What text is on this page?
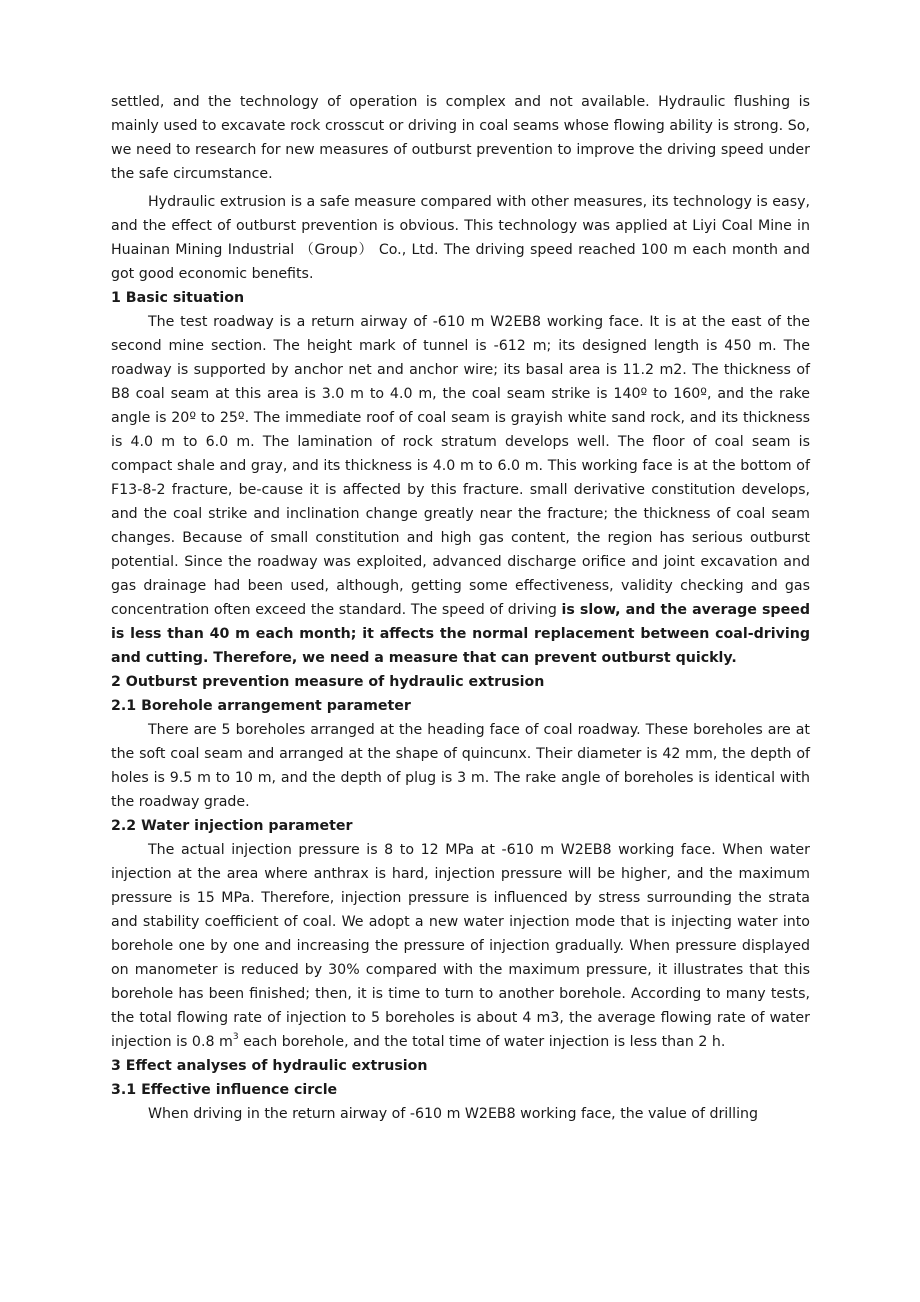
settled, and the technology of operation is complex and not available. Hydraulic flushing is mainly used to excavate rock crosscut or driving in coal seams whose flowing ability is strong. So, we need to research for new measures of outburst prevention to improve the driving speed under the safe circumstance.

Hydraulic extrusion is a safe measure compared with other measures, its technology is easy, and the effect of outburst prevention is obvious. This technology was applied at Liyi Coal Mine in Huainan Mining Industrial （Group） Co., Ltd. The driving speed reached 100 m each month and got good economic benefits.

1 Basic situation

The test roadway is a return airway of -610 m W2EB8 working face. It is at the east of the second mine section. The height mark of tunnel is -612 m; its designed length is 450 m. The roadway is supported by anchor net and anchor wire; its basal area is 11.2 m2. The thickness of B8 coal seam at this area is 3.0 m to 4.0 m, the coal seam strike is 140º to 160º, and the rake angle is 20º to 25º. The immediate roof of coal seam is grayish white sand rock, and its thickness is 4.0 m to 6.0 m. The lamination of rock stratum develops well. The floor of coal seam is compact shale and gray, and its thickness is 4.0 m to 6.0 m. This working face is at the bottom of F13-8-2 fracture, be-cause it is affected by this fracture. small derivative constitution develops, and the coal strike and inclination change greatly near the fracture; the thickness of coal seam changes. Because of small constitution and high gas content, the region has serious outburst potential. Since the roadway was exploited, advanced discharge orifice and joint excavation and gas drainage had been used, although, getting some effectiveness, validity checking and gas concentration often exceed the standard. The speed of driving is slow, and the average speed is less than 40 m each month; it affects the normal replacement between coal-driving and cutting. Therefore, we need a measure that can prevent outburst quickly.

2 Outburst prevention measure of hydraulic extrusion
2.1 Borehole arrangement parameter

There are 5 boreholes arranged at the heading face of coal roadway. These boreholes are at the soft coal seam and arranged at the shape of quincunx. Their diameter is 42 mm, the depth of holes is 9.5 m to 10 m, and the depth of plug is 3 m. The rake angle of boreholes is identical with the roadway grade.

2.2 Water injection parameter

The actual injection pressure is 8 to 12 MPa at -610 m W2EB8 working face. When water injection at the area where anthrax is hard, injection pressure will be higher, and the maximum pressure is 15 MPa. Therefore, injection pressure is influenced by stress surrounding the strata and stability coefficient of coal. We adopt a new water injection mode that is injecting water into borehole one by one and increasing the pressure of injection gradually. When pressure displayed on manometer is reduced by 30% compared with the maximum pressure, it illustrates that this borehole has been finished; then, it is time to turn to another borehole. According to many tests, the total flowing rate of injection to 5 boreholes is about 4 m3, the average flowing rate of water injection is 0.8 $m^3$ each borehole, and the total time of water injection is less than 2 h.

3 Effect analyses of hydraulic extrusion
3.1 Effective influence circle

When driving in the return airway of -610 m W2EB8 working face, the value of drilling
